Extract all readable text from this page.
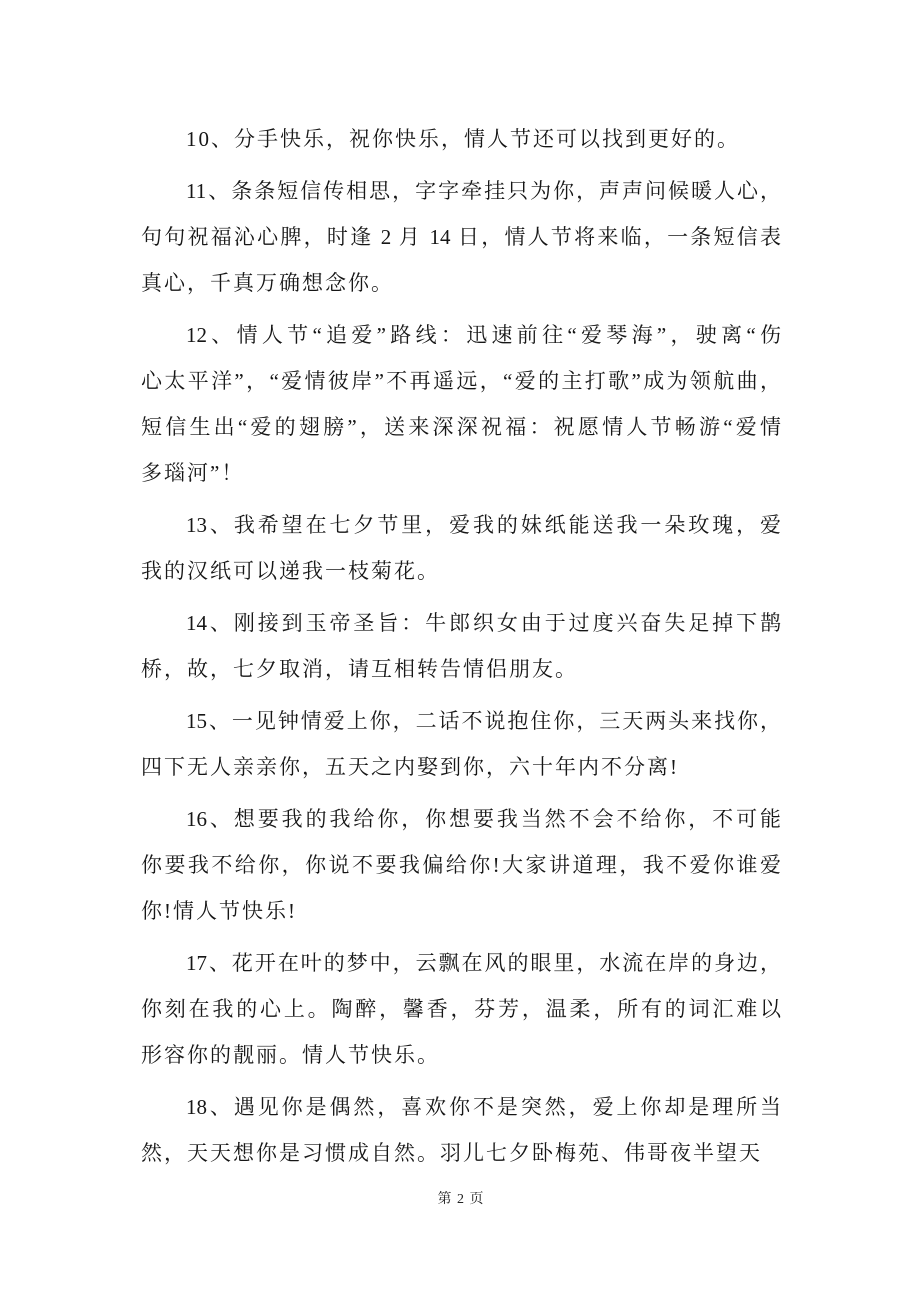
10、分手快乐，祝你快乐，情人节还可以找到更好的。

11、条条短信传相思，字字牵挂只为你，声声问候暖人心，
句句祝福沁心脾，时逢 2 月 14 日，情人节将来临，一条短信表
真心，千真万确想念你。

12、情人节“追爱”路线：迅速前往“爱琴海”，驶离“伤
心太平洋”，“爱情彼岸”不再遥远，“爱的主打歌”成为领航曲，
短信生出“爱的翅膀”，送来深深祝福：祝愿情人节畅游“爱情
多瑙河”！

13、我希望在七夕节里，爱我的妹纸能送我一朵玫瑰，爱
我的汉纸可以递我一枝菊花。

14、刚接到玉帝圣旨：牛郎织女由于过度兴奋失足掉下鹊
桥，故，七夕取消，请互相转告情侣朋友。

15、一见钟情爱上你，二话不说抱住你，三天两头来找你，
四下无人亲亲你，五天之内娶到你，六十年内不分离!

16、想要我的我给你，你想要我当然不会不给你，不可能
你要我不给你，你说不要我偏给你!大家讲道理，我不爱你谁爱
你!情人节快乐!

17、花开在叶的梦中，云飘在风的眼里，水流在岸的身边，
你刻在我的心上。陶醉，馨香，芬芳，温柔，所有的词汇难以
形容你的靓丽。情人节快乐。

18、遇见你是偶然，喜欢你不是突然，爱上你却是理所当
然，天天想你是习惯成自然。羽儿七夕卧梅苑、伟哥夜半望天

第 2 页
